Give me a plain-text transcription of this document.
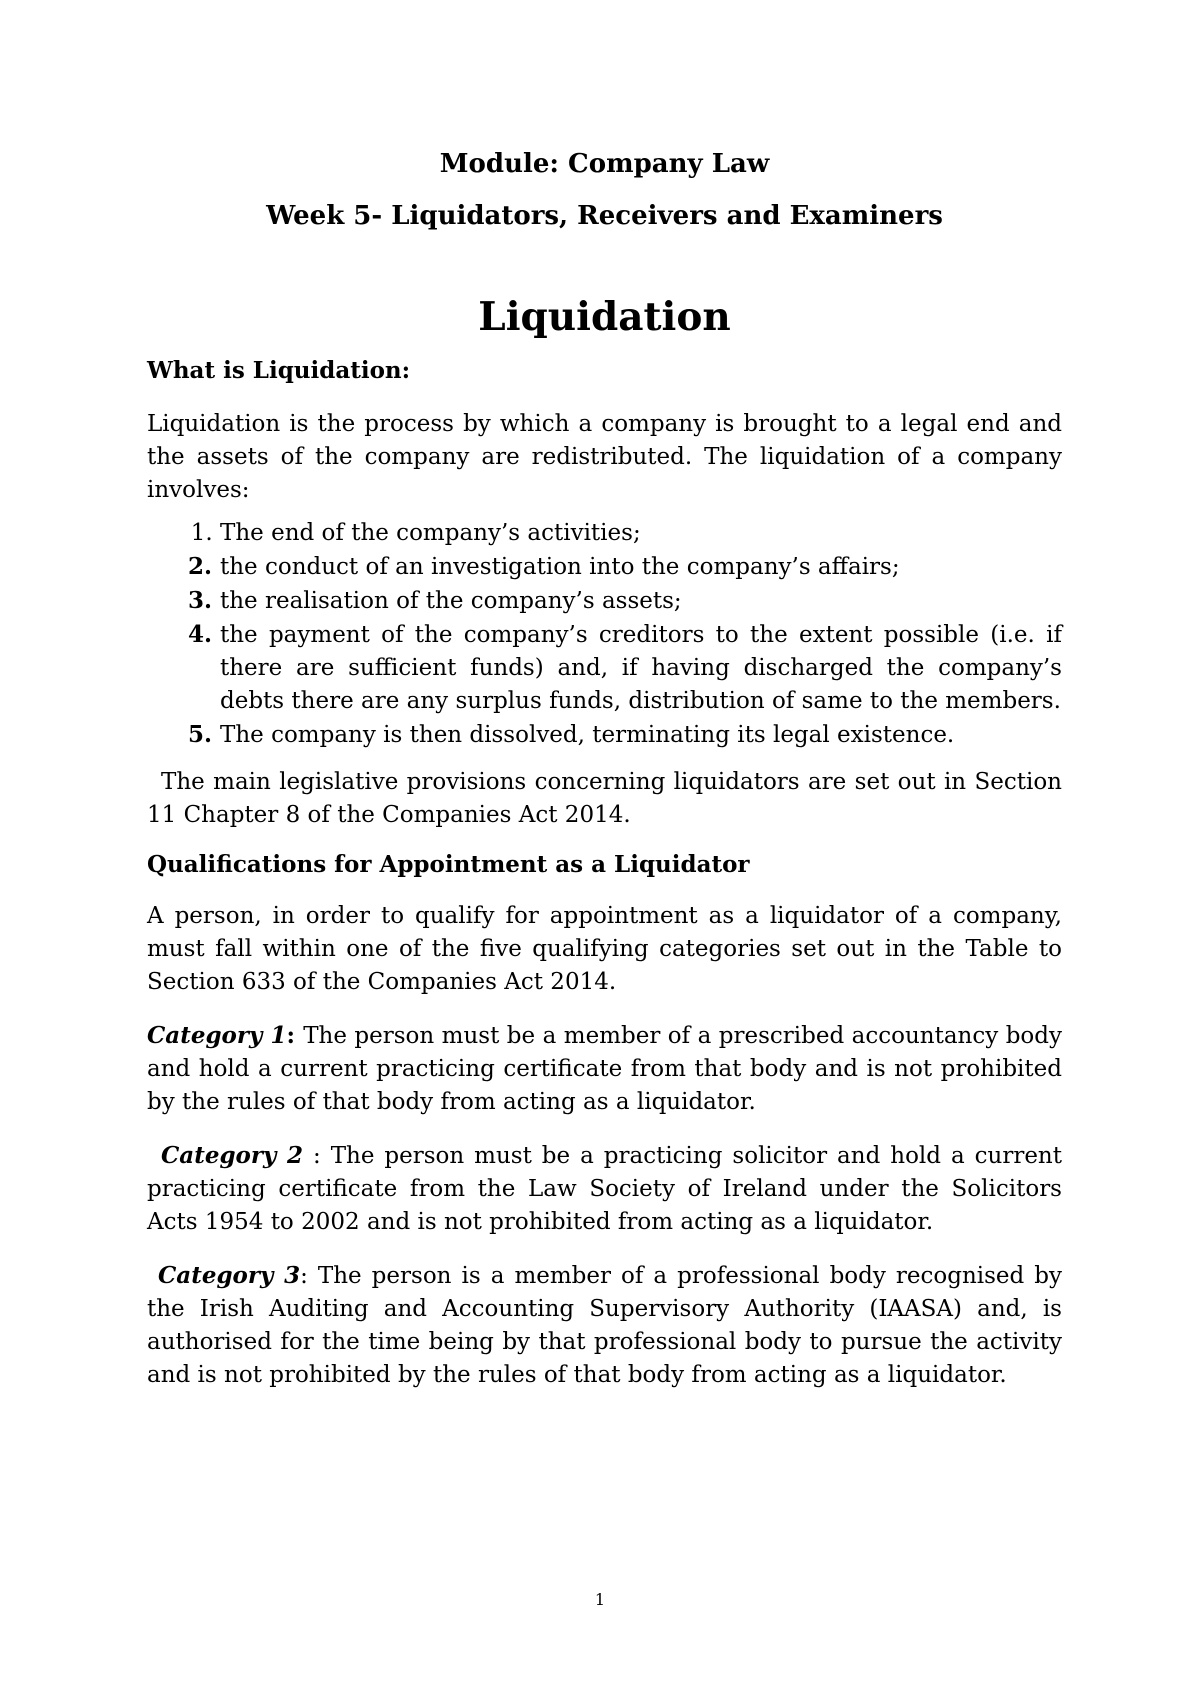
Module: Company Law
Week 5- Liquidators, Receivers and Examiners
Liquidation
What is Liquidation:

Liquidation is the process by which a company is brought to a legal end and the assets of the company are redistributed. The liquidation of a company involves:

1. The end of the company’s activities;
2. the conduct of an investigation into the company’s affairs;
3. the realisation of the company’s assets;
4. the payment of the company’s creditors to the extent possible (i.e. if there are sufficient funds) and, if having discharged the company’s debts there are any surplus funds, distribution of same to the members.
5. The company is then dissolved, terminating its legal existence.

The main legislative provisions concerning liquidators are set out in Section 11 Chapter 8 of the Companies Act 2014.

Qualifications for Appointment as a Liquidator

A person, in order to qualify for appointment as a liquidator of a company, must fall within one of the five qualifying categories set out in the Table to Section 633 of the Companies Act 2014.

Category 1: The person must be a member of a prescribed accountancy body and hold a current practicing certificate from that body and is not prohibited by the rules of that body from acting as a liquidator.

Category 2 : The person must be a practicing solicitor and hold a current practicing certificate from the Law Society of Ireland under the Solicitors Acts 1954 to 2002 and is not prohibited from acting as a liquidator.

Category 3: The person is a member of a professional body recognised by the Irish Auditing and Accounting Supervisory Authority (IAASA) and, is authorised for the time being by that professional body to pursue the activity and is not prohibited by the rules of that body from acting as a liquidator.

1
